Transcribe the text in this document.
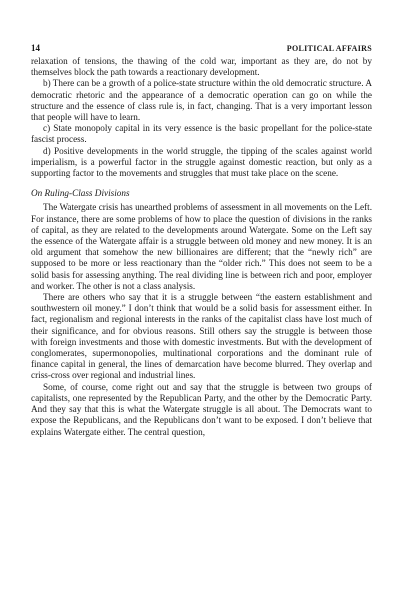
14	POLITICAL AFFAIRS

relaxation of tensions, the thawing of the cold war, important as they are, do not by themselves block the path towards a reactionary development.

b) There can be a growth of a police-state structure within the old democratic structure. A democratic rhetoric and the appearance of a democratic operation can go on while the structure and the essence of class rule is, in fact, changing. That is a very important lesson that people will have to learn.

c) State monopoly capital in its very essence is the basic propellant for the police-state fascist process.

d) Positive developments in the world struggle, the tipping of the scales against world imperialism, is a powerful factor in the struggle against domestic reaction, but only as a supporting factor to the movements and struggles that must take place on the scene.

On Ruling-Class Divisions

The Watergate crisis has unearthed problems of assessment in all movements on the Left. For instance, there are some problems of how to place the question of divisions in the ranks of capital, as they are related to the developments around Watergate. Some on the Left say the essence of the Watergate affair is a struggle between old money and new money. It is an old argument that somehow the new billionaires are different; that the “newly rich” are supposed to be more or less reactionary than the “older rich.” This does not seem to be a solid basis for assessing anything. The real dividing line is between rich and poor, employer and worker. The other is not a class analysis.

There are others who say that it is a struggle between “the eastern establishment and southwestern oil money.” I don’t think that would be a solid basis for assessment either. In fact, regionalism and regional interests in the ranks of the capitalist class have lost much of their significance, and for obvious reasons. Still others say the struggle is between those with foreign investments and those with domestic investments. But with the development of conglomerates, supermonopolies, multinational corporations and the dominant rule of finance capital in general, the lines of demarcation have become blurred. They overlap and criss-cross over regional and industrial lines.

Some, of course, come right out and say that the struggle is between two groups of capitalists, one represented by the Republican Party, and the other by the Democratic Party. And they say that this is what the Watergate struggle is all about. The Democrats want to expose the Republicans, and the Republicans don’t want to be exposed. I don’t believe that explains Watergate either. The central question,
